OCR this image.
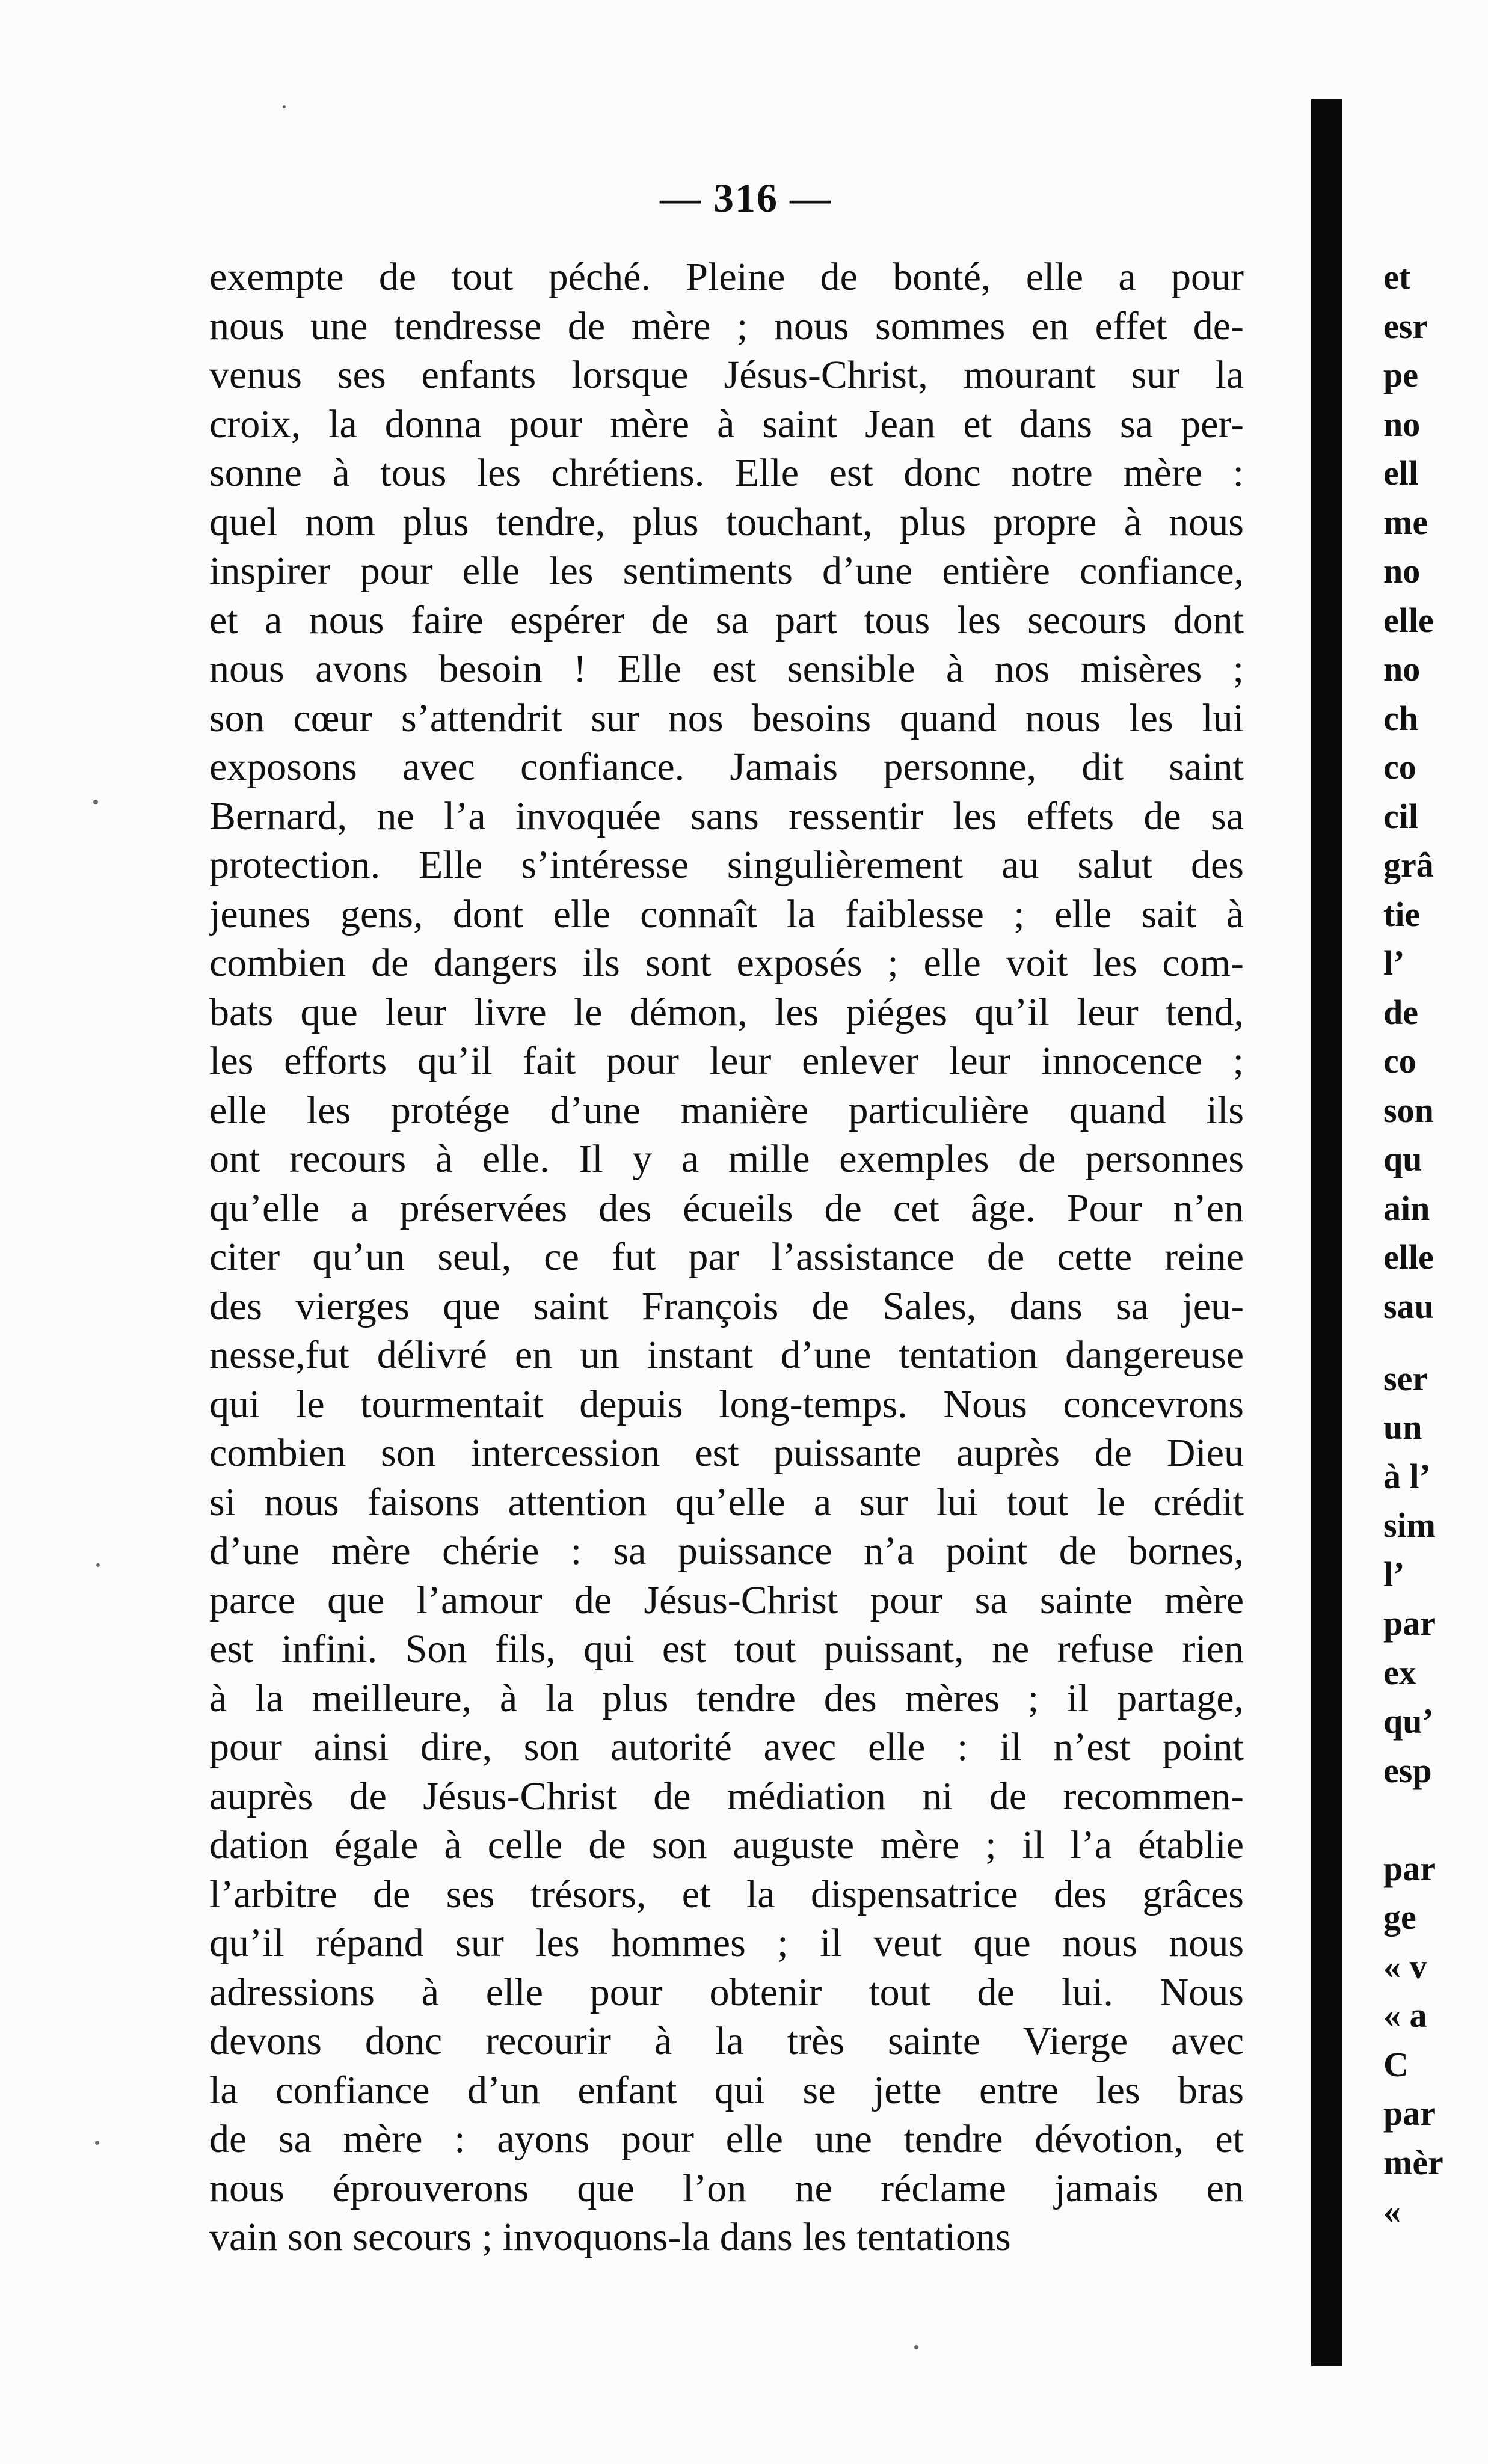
— 316 —
exempte de tout péché. Pleine de bonté, elle a pour
nous une tendresse de mère ; nous sommes en effet de-
venus ses enfants lorsque Jésus-Christ, mourant sur la
croix, la donna pour mère à saint Jean et dans sa per-
sonne à tous les chrétiens. Elle est donc notre mère :
quel nom plus tendre, plus touchant, plus propre à nous
inspirer pour elle les sentiments d’une entière confiance,
et a nous faire espérer de sa part tous les secours dont
nous avons besoin ! Elle est sensible à nos misères ;
son cœur s’attendrit sur nos besoins quand nous les lui
exposons avec confiance. Jamais personne, dit saint
Bernard, ne l’a invoquée sans ressentir les effets de sa
protection. Elle s’intéresse singulièrement au salut des
jeunes gens, dont elle connaît la faiblesse ; elle sait à
combien de dangers ils sont exposés ; elle voit les com-
bats que leur livre le démon, les piéges qu’il leur tend,
les efforts qu’il fait pour leur enlever leur innocence ;
elle les protége d’une manière particulière quand ils
ont recours à elle. Il y a mille exemples de personnes
qu’elle a préservées des écueils de cet âge. Pour n’en
citer qu’un seul, ce fut par l’assistance de cette reine
des vierges que saint François de Sales, dans sa jeu-
nesse,fut délivré en un instant d’une tentation dangereuse
qui le tourmentait depuis long-temps. Nous concevrons
combien son intercession est puissante auprès de Dieu
si nous faisons attention qu’elle a sur lui tout le crédit
d’une mère chérie : sa puissance n’a point de bornes,
parce que l’amour de Jésus-Christ pour sa sainte mère
est infini. Son fils, qui est tout puissant, ne refuse rien
à la meilleure, à la plus tendre des mères ; il partage,
pour ainsi dire, son autorité avec elle : il n’est point
auprès de Jésus-Christ de médiation ni de recommen-
dation égale à celle de son auguste mère ; il l’a établie
l’arbitre de ses trésors, et la dispensatrice des grâces
qu’il répand sur les hommes ; il veut que nous nous
adressions à elle pour obtenir tout de lui. Nous
devons donc recourir à la très sainte Vierge avec
la confiance d’un enfant qui se jette entre les bras
de sa mère : ayons pour elle une tendre dévotion, et
nous éprouverons que l’on ne réclame jamais en
vain son secours ; invoquons-la dans les tentations
et
esr
pe
no
ell
me
no
elle
no
ch
co
cil
grâ
tie
l’
de
co
son
qu
ain
elle
sau
ser
un
à l’
sim
l’
par
ex
qu’
esp
par
ge
« v
« a
C
par
mèr
«
